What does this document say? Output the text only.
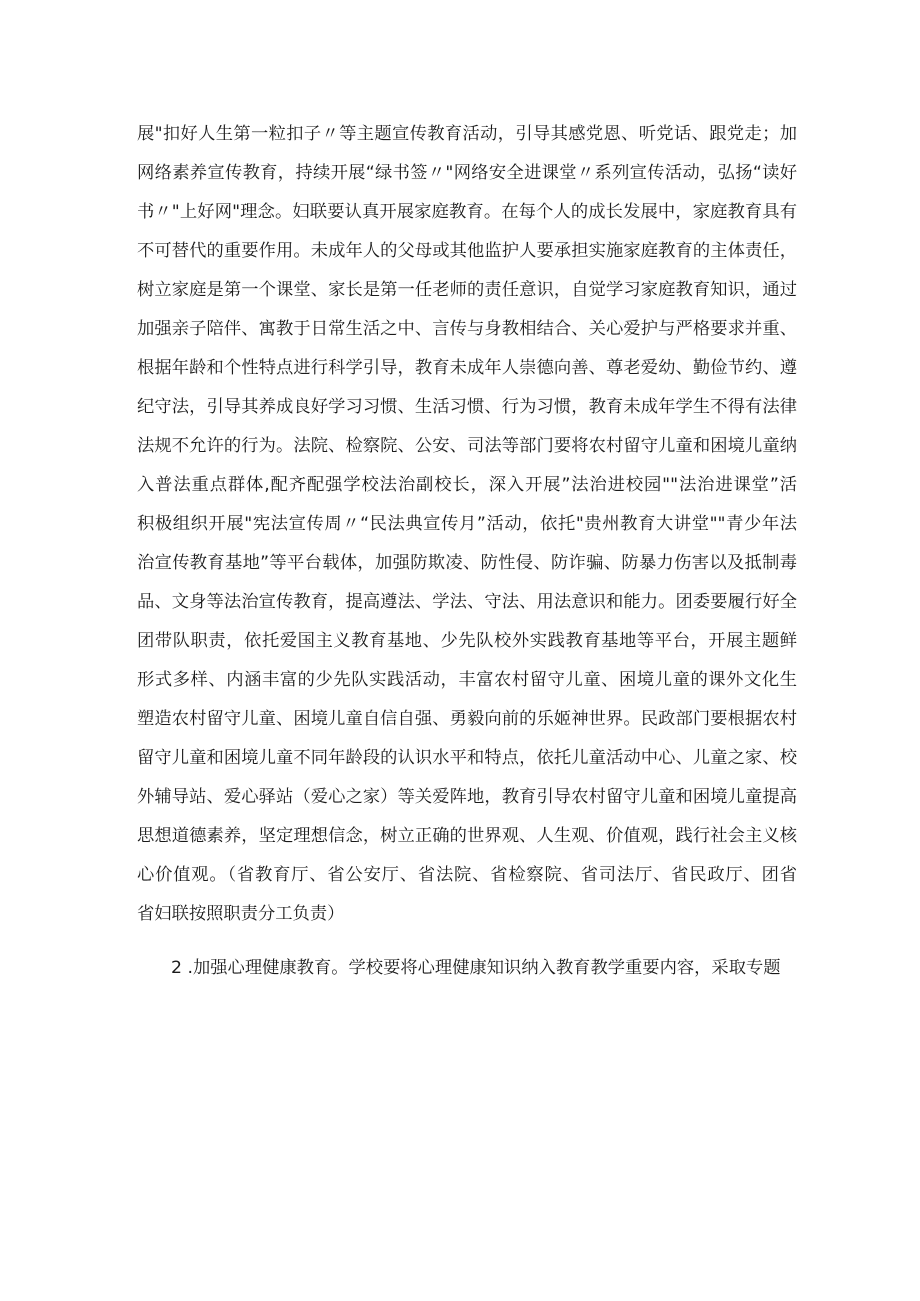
展"扣好人生第一粒扣子〃等主题宣传教育活动，引导其感党恩、听党话、跟党走；加
网络素养宣传教育，持续开展“绿书签〃"网络安全进课堂〃系列宣传活动，弘扬“读好
书〃"上好网"理念。妇联要认真开展家庭教育。在每个人的成长发展中，家庭教育具有
不可替代的重要作用。未成年人的父母或其他监护人要承担实施家庭教育的主体责任，
树立家庭是第一个课堂、家长是第一任老师的责任意识，自觉学习家庭教育知识，通过
加强亲子陪伴、寓教于日常生活之中、言传与身教相结合、关心爱护与严格要求并重、
根据年龄和个性特点进行科学引导，教育未成年人崇德向善、尊老爱幼、勤俭节约、遵
纪守法，引导其养成良好学习习惯、生活习惯、行为习惯，教育未成年学生不得有法律
法规不允许的行为。法院、检察院、公安、司法等部门要将农村留守儿童和困境儿童纳
入普法重点群体,配齐配强学校法治副校长，深入开展”法治进校园""法治进课堂”活
积极组织开展"宪法宣传周〃“民法典宣传月”活动，依托"贵州教育大讲堂""青少年法
治宣传教育基地”等平台载体，加强防欺凌、防性侵、防诈骗、防暴力伤害以及抵制毒
品、文身等法治宣传教育，提高遵法、学法、守法、用法意识和能力。团委要履行好全
团带队职责，依托爱国主义教育基地、少先队校外实践教育基地等平台，开展主题鲜
形式多样、内涵丰富的少先队实践活动，丰富农村留守儿童、困境儿童的课外文化生
塑造农村留守儿童、困境儿童自信自强、勇毅向前的乐姬神世界。民政部门要根据农村
留守儿童和困境儿童不同年龄段的认识水平和特点，依托儿童活动中心、儿童之家、校
外辅导站、爱心驿站（爱心之家）等关爱阵地，教育引导农村留守儿童和困境儿童提高
思想道德素养，坚定理想信念，树立正确的世界观、人生观、价值观，践行社会主义核
心价值观。（省教育厅、省公安厅、省法院、省检察院、省司法厅、省民政厅、团省
省妇联按照职责分工负责）
2 .加强心理健康教育。学校要将心理健康知识纳入教育教学重要内容，采取专题
